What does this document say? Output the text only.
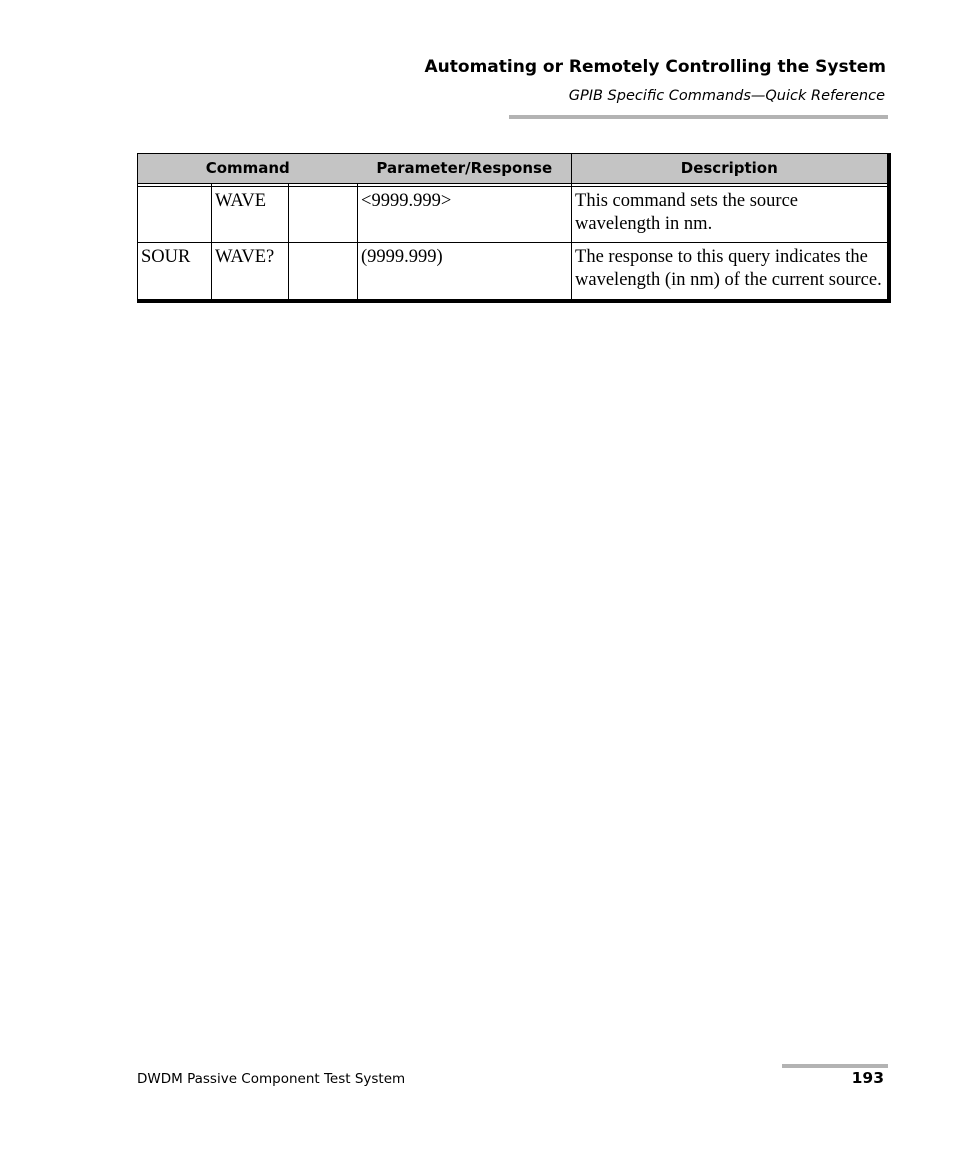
Automating or Remotely Controlling the System
GPIB Specific Commands—Quick Reference
Command			Parameter/Response	Description

	WAVE		<9999.999>	This command sets the source wavelength in nm.
SOUR	WAVE?		(9999.999)	The response to this query indicates the wavelength (in nm) of the current source.
DWDM Passive Component Test System	193
